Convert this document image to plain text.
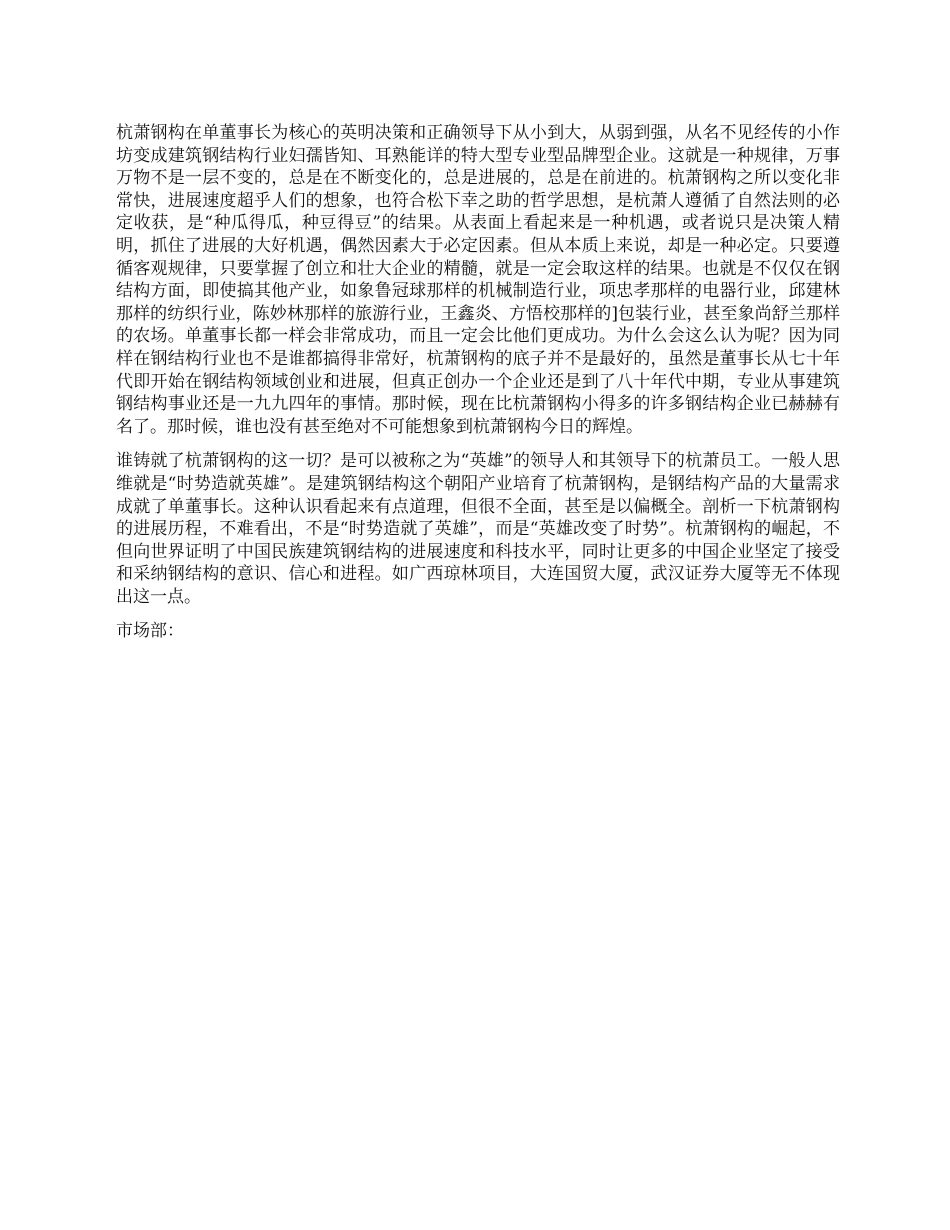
杭萧钢构在单董事长为核心的英明决策和正确领导下从小到大，从弱到强，从名不见经传的小作坊变成建筑钢结构行业妇孺皆知、耳熟能详的特大型专业型品牌型企业。这就是一种规律，万事万物不是一层不变的，总是在不断变化的，总是进展的，总是在前进的。杭萧钢构之所以变化非常快，进展速度超乎人们的想象，也符合松下幸之助的哲学思想，是杭萧人遵循了自然法则的必定收获，是“种瓜得瓜，种豆得豆”的结果。从表面上看起来是一种机遇，或者说只是决策人精明，抓住了进展的大好机遇，偶然因素大于必定因素。但从本质上来说，却是一种必定。只要遵循客观规律，只要掌握了创立和壮大企业的精髓，就是一定会取这样的结果。也就是不仅仅在钢结构方面，即使搞其他产业，如象鲁冠球那样的机械制造行业，项忠孝那样的电器行业，邱建林那样的纺织行业，陈妙林那样的旅游行业，王鑫炎、方悟校那样的]包装行业，甚至象尚舒兰那样的农场。单董事长都一样会非常成功，而且一定会比他们更成功。为什么会这么认为呢？因为同样在钢结构行业也不是谁都搞得非常好，杭萧钢构的底子并不是最好的，虽然是董事长从七十年代即开始在钢结构领域创业和进展，但真正创办一个企业还是到了八十年代中期，专业从事建筑钢结构事业还是一九九四年的事情。那时候，现在比杭萧钢构小得多的许多钢结构企业已赫赫有名了。那时候，谁也没有甚至绝对不可能想象到杭萧钢构今日的辉煌。

谁铸就了杭萧钢构的这一切？是可以被称之为“英雄”的领导人和其领导下的杭萧员工。一般人思维就是“时势造就英雄”。是建筑钢结构这个朝阳产业培育了杭萧钢构，是钢结构产品的大量需求成就了单董事长。这种认识看起来有点道理，但很不全面，甚至是以偏概全。剖析一下杭萧钢构的进展历程，不难看出，不是“时势造就了英雄”，而是“英雄改变了时势”。杭萧钢构的崛起，不但向世界证明了中国民族建筑钢结构的进展速度和科技水平，同时让更多的中国企业坚定了接受和采纳钢结构的意识、信心和进程。如广西琼林项目，大连国贸大厦，武汉证券大厦等无不体现出这一点。

市场部：
